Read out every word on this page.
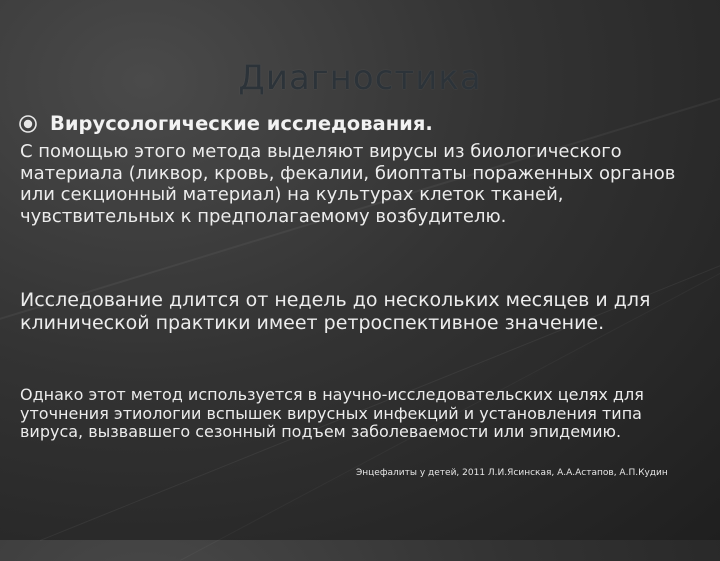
Диагностика
Вирусологические исследования.

С помощью этого метода выделяют вирусы из биологического материала (ликвор, кровь, фекалии, биоптаты пораженных органов или секционный материал) на культурах клеток тканей, чувствительных к предполагаемому возбудителю.

Исследование длится от недель до нескольких месяцев и для клинической практики имеет ретроспективное значение.

Однако этот метод используется в научно-исследовательских целях для уточнения этиологии вспышек вирусных инфекций и установления типа вируса, вызвавшего сезонный подъем заболеваемости или эпидемию.

Энцефалиты у детей, 2011 Л.И.Ясинская, А.А.Астапов, А.П.Кудин
